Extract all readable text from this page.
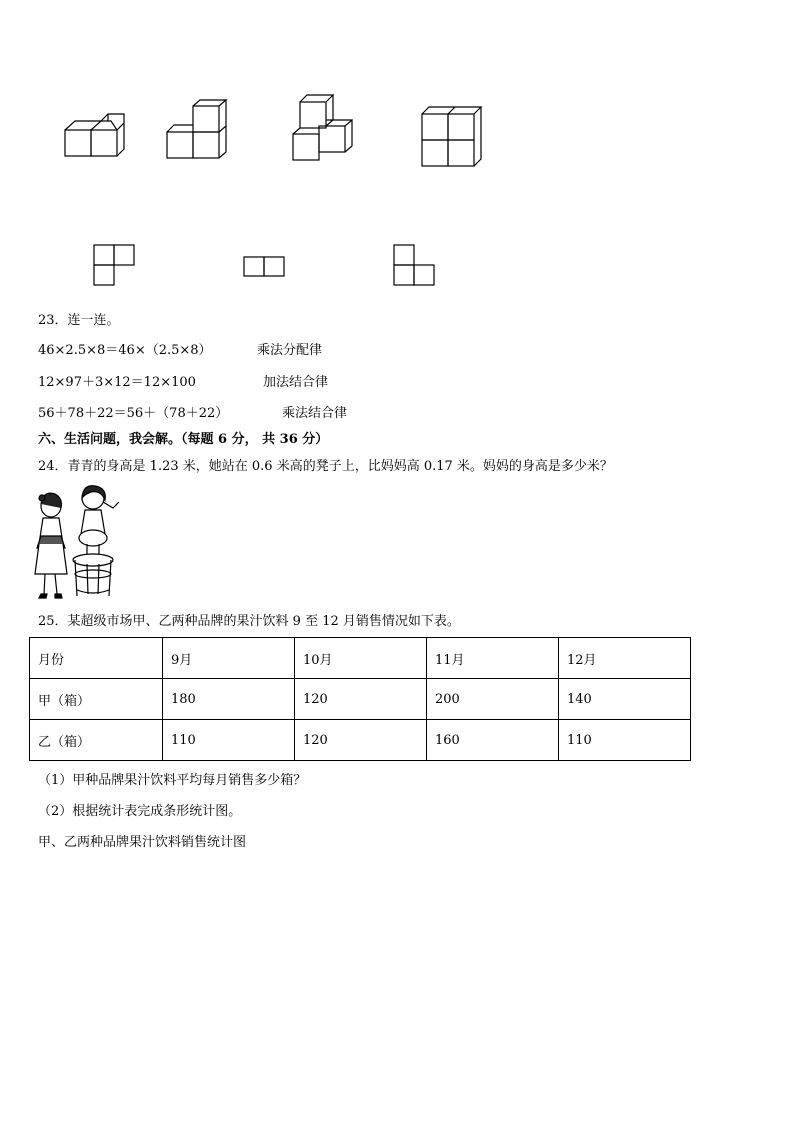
23．连一连。
46×2.5×8＝46×（2.5×8）	乘法分配律
12×97＋3×12＝12×100	加法结合律
56＋78＋22＝56＋（78＋22）	乘法结合律
六、生活问题，我会解。（每题 6 分， 共 36 分）
24．青青的身高是 1.23 米，她站在 0.6 米高的凳子上，比妈妈高 0.17 米。妈妈的身高是多少米？
25．某超级市场甲、乙两种品牌的果汁饮料 9 至 12 月销售情况如下表。
月份	9月	10月	11月	12月
甲（箱）	180	120	200	140
乙（箱）	110	120	160	110
（1）甲种品牌果汁饮料平均每月销售多少箱？
（2）根据统计表完成条形统计图。
甲、乙两种品牌果汁饮料销售统计图
